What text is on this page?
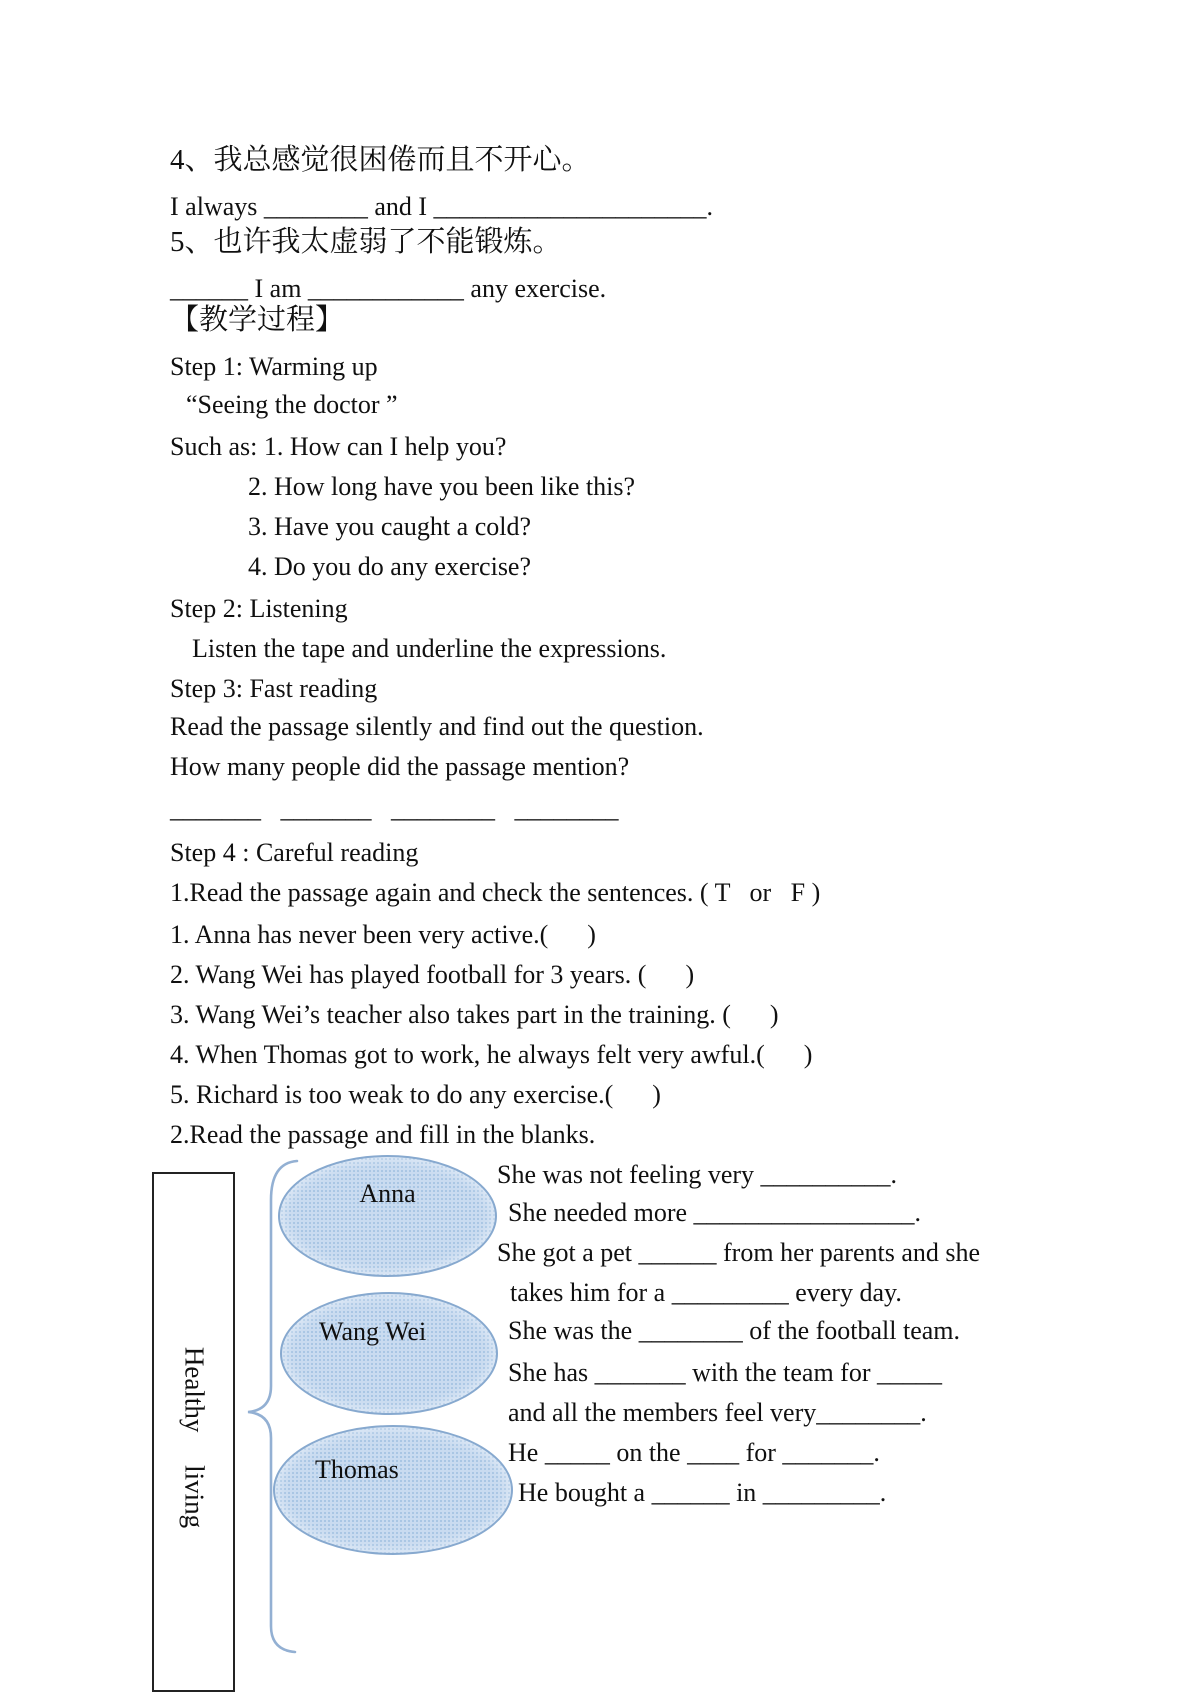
4、我总感觉很困倦而且不开心。
I always ________ and I _____________________.
5、也许我太虚弱了不能锻炼。
______ I am ____________ any exercise.
【教学过程】
Step 1: Warming up
“Seeing the doctor ”
Such as: 1. How can I help you?
2. How long have you been like this?
3. Have you caught a cold?
4. Do you do any exercise?
Step 2: Listening
Listen the tape and underline the expressions.
Step 3: Fast reading
Read the passage silently and find out the question.
How many people did the passage mention?
_______   _______   ________   ________
Step 4 : Careful reading
1.Read the passage again and check the sentences. ( T   or   F )
1. Anna has never been very active.(      )
2. Wang Wei has played football for 3 years. (      )
3. Wang Wei’s teacher also takes part in the training. (      )
4. When Thomas got to work, he always felt very awful.(      )
5. Richard is too weak to do any exercise.(      )
2.Read the passage and fill in the blanks.
Healthy living
Anna
Wang Wei
Thomas
She was not feeling very __________.
She needed more _________________.
She got a pet ______ from her parents and she
takes him for a _________ every day.
She was the ________ of the football team.
She has _______ with the team for _____
and all the members feel very________.
He _____ on the ____ for _______.
He bought a ______ in _________.
